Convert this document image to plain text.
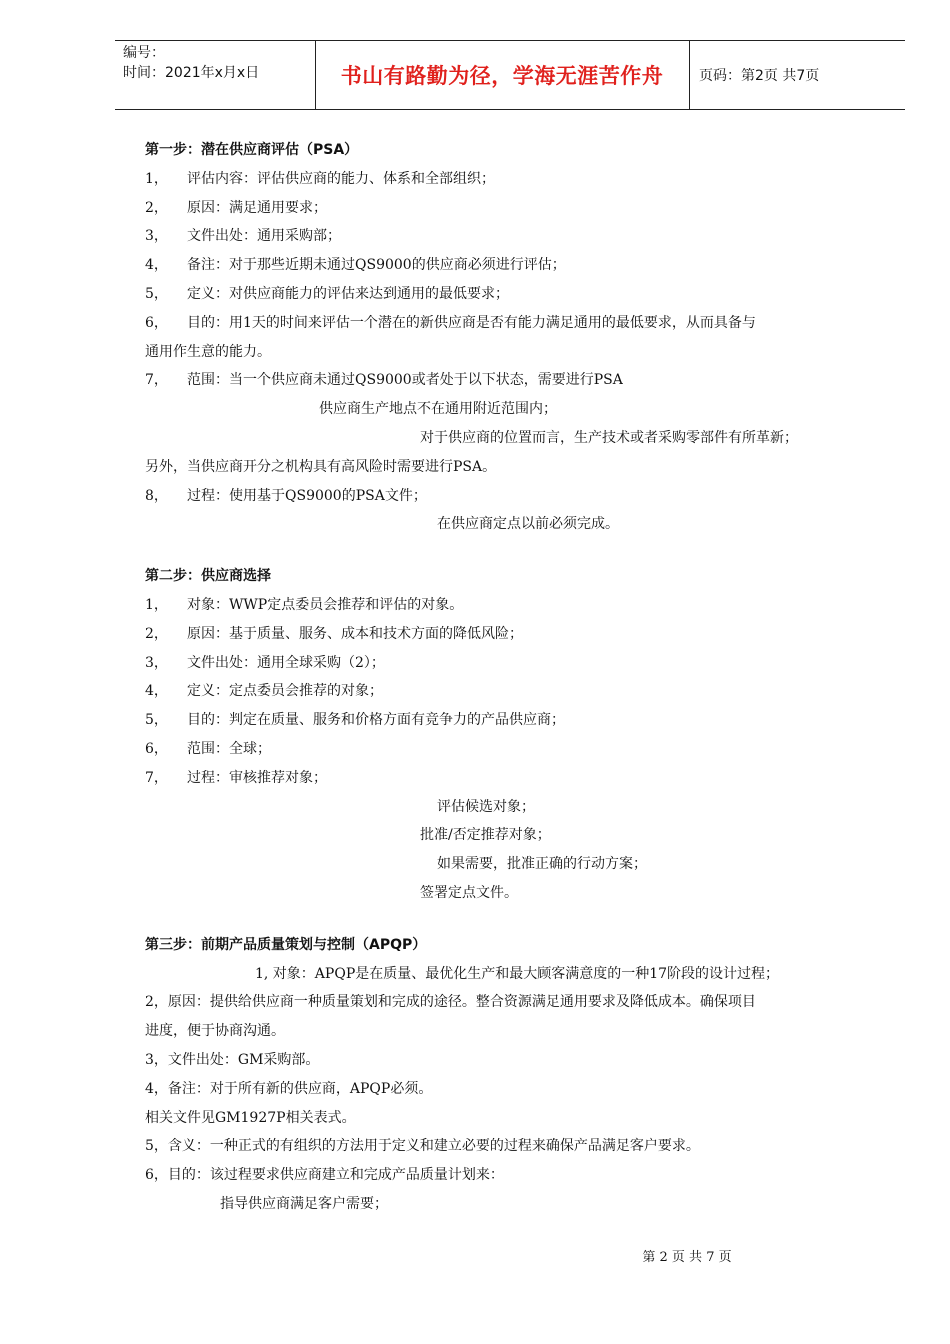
编号：
时间：2021年x月x日	书山有路勤为径，学海无涯苦作舟	页码：第2页 共7页
第一步：潜在供应商评估（PSA）
1， 评估内容：评估供应商的能力、体系和全部组织；
2， 原因：满足通用要求；
3， 文件出处：通用采购部；
4， 备注：对于那些近期未通过QS9000的供应商必须进行评估；
5， 定义：对供应商能力的评估来达到通用的最低要求；
6， 目的：用1天的时间来评估一个潜在的新供应商是否有能力满足通用的最低要求，从而具备与
通用作生意的能力。
7， 范围：当一个供应商未通过QS9000或者处于以下状态，需要进行PSA
供应商生产地点不在通用附近范围内；
对于供应商的位置而言，生产技术或者采购零部件有所革新；
另外，当供应商开分之机构具有高风险时需要进行PSA。
8， 过程：使用基于QS9000的PSA文件；
在供应商定点以前必须完成。
第二步：供应商选择
1， 对象：WWP定点委员会推荐和评估的对象。
2， 原因：基于质量、服务、成本和技术方面的降低风险；
3， 文件出处：通用全球采购（2）；
4， 定义：定点委员会推荐的对象；
5， 目的：判定在质量、服务和价格方面有竞争力的产品供应商；
6， 范围：全球；
7， 过程：审核推荐对象；
评估候选对象；
批准/否定推荐对象；
如果需要，批准正确的行动方案；
签署定点文件。
第三步：前期产品质量策划与控制（APQP）
1, 对象：APQP是在质量、最优化生产和最大顾客满意度的一种17阶段的设计过程；
2，原因：提供给供应商一种质量策划和完成的途径。整合资源满足通用要求及降低成本。确保项目
进度，便于协商沟通。
3，文件出处：GM采购部。
4，备注：对于所有新的供应商，APQP必须。
相关文件见GM1927P相关表式。
5，含义：一种正式的有组织的方法用于定义和建立必要的过程来确保产品满足客户要求。
6，目的：该过程要求供应商建立和完成产品质量计划来：
指导供应商满足客户需要；
第 2 页 共 7 页
